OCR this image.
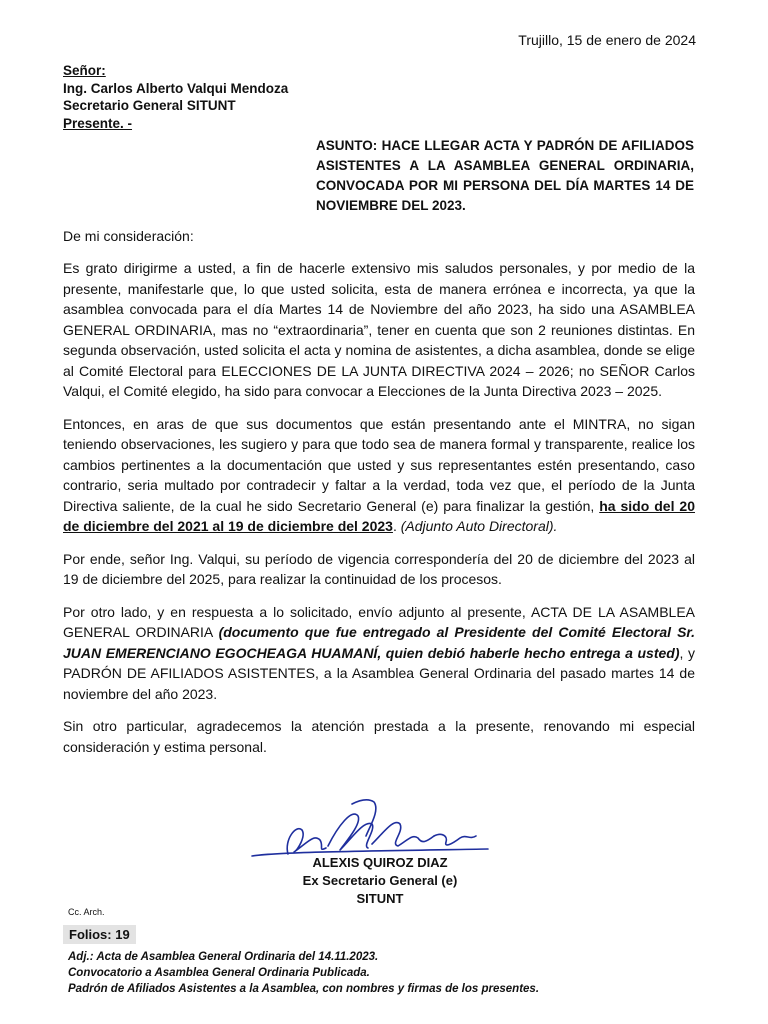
Trujillo, 15 de enero de 2024
Señor:
Ing. Carlos Alberto Valqui Mendoza
Secretario General SITUNT
Presente. -
ASUNTO: HACE LLEGAR ACTA Y PADRÓN DE AFILIADOS ASISTENTES A LA ASAMBLEA GENERAL ORDINARIA, CONVOCADA POR MI PERSONA DEL DÍA MARTES 14 DE NOVIEMBRE DEL 2023.
De mi consideración:

Es grato dirigirme a usted, a fin de hacerle extensivo mis saludos personales, y por medio de la presente, manifestarle que, lo que usted solicita, esta de manera errónea e incorrecta, ya que la asamblea convocada para el día Martes 14 de Noviembre del año 2023, ha sido una ASAMBLEA GENERAL ORDINARIA, mas no “extraordinaria”, tener en cuenta que son 2 reuniones distintas. En segunda observación, usted solicita el acta y nomina de asistentes, a dicha asamblea, donde se elige al Comité Electoral para ELECCIONES DE LA JUNTA DIRECTIVA 2024 – 2026; no SEÑOR Carlos Valqui, el Comité elegido, ha sido para convocar a Elecciones de la Junta Directiva 2023 – 2025.

Entonces, en aras de que sus documentos que están presentando ante el MINTRA, no sigan teniendo observaciones, les sugiero y para que todo sea de manera formal y transparente, realice los cambios pertinentes a la documentación que usted y sus representantes estén presentando, caso contrario, seria multado por contradecir y faltar a la verdad, toda vez que, el período de la Junta Directiva saliente, de la cual he sido Secretario General (e) para finalizar la gestión, ha sido del 20 de diciembre del 2021 al 19 de diciembre del 2023. (Adjunto Auto Directoral).

Por ende, señor Ing. Valqui, su período de vigencia correspondería del 20 de diciembre del 2023 al 19 de diciembre del 2025, para realizar la continuidad de los procesos.

Por otro lado, y en respuesta a lo solicitado, envío adjunto al presente, ACTA DE LA ASAMBLEA GENERAL ORDINARIA (documento que fue entregado al Presidente del Comité Electoral Sr. JUAN EMERENCIANO EGOCHEAGA HUAMANÍ, quien debió haberle hecho entrega a usted), y PADRÓN DE AFILIADOS ASISTENTES, a la Asamblea General Ordinaria del pasado martes 14 de noviembre del año 2023.

Sin otro particular, agradecemos la atención prestada a la presente, renovando mi especial consideración y estima personal.

ALEXIS QUIROZ DIAZ
Ex Secretario General (e)
SITUNT
Cc. Arch.
Folios: 19
Adj.: Acta de Asamblea General Ordinaria del 14.11.2023.
Convocatorio a Asamblea General Ordinaria Publicada.
Padrón de Afiliados Asistentes a la Asamblea, con nombres y firmas de los presentes.
